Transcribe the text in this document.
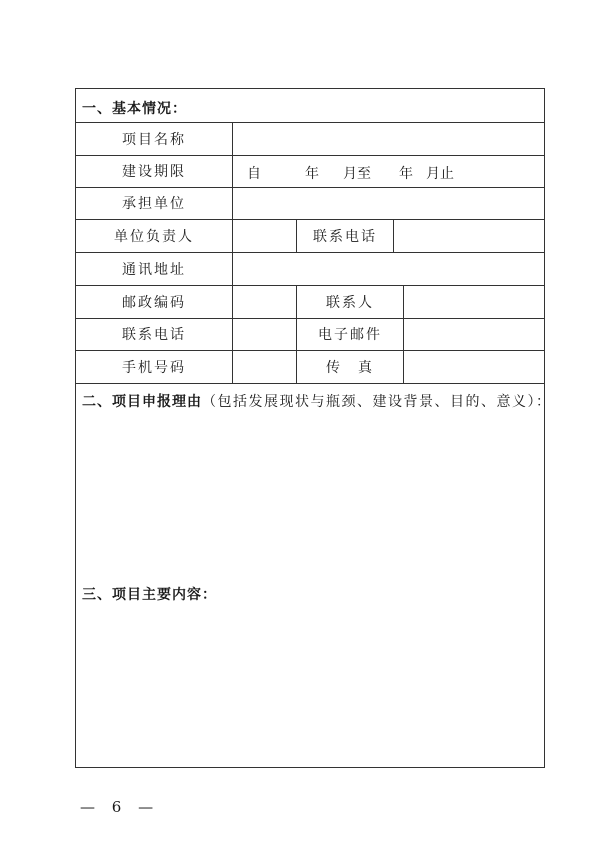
一、基本情况：
项目名称
建设期限	自	年 月至 年 月止
承担单位
单位负责人	联系电话
通讯地址
邮政编码	联系人
联系电话	电子邮件
手机号码	传　真
二、项目申报理由（包括发展现状与瓶颈、建设背景、目的、意义）：
三、项目主要内容：
— 6 —
